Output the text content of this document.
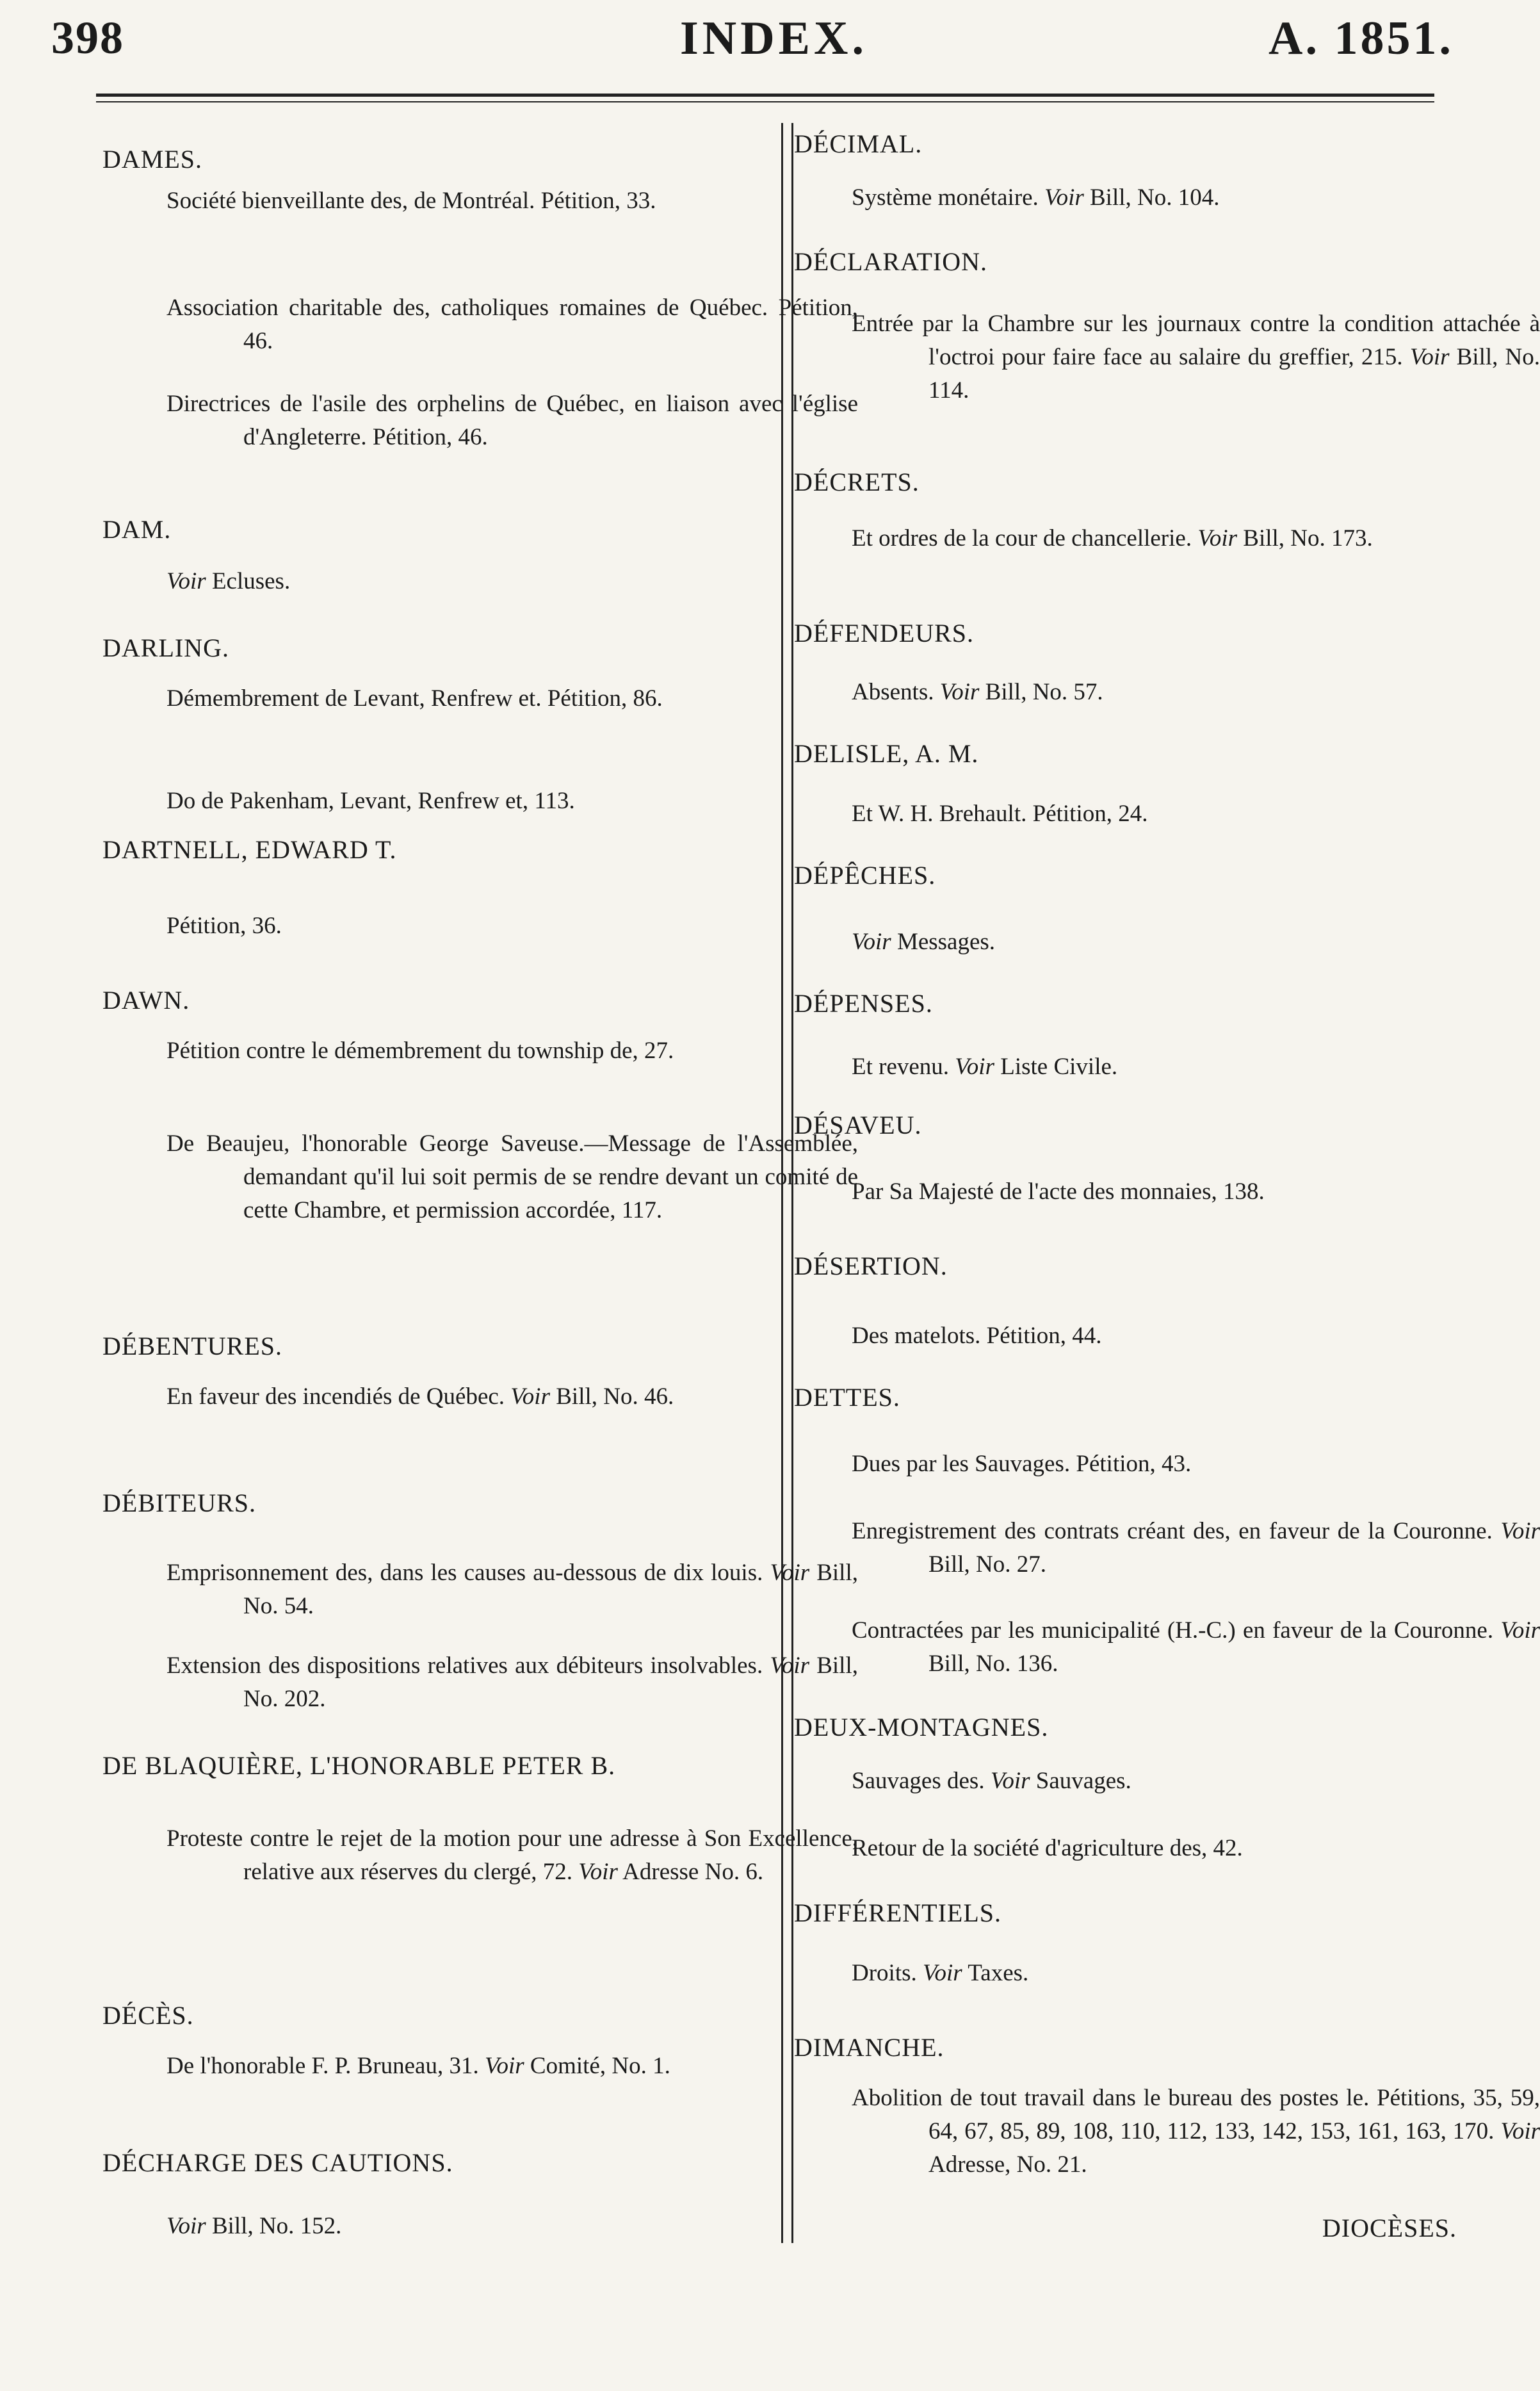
398	INDEX.	A. 1851.
DAMES.

Société bienveillante des, de Montréal. Pétition, 33.

Association charitable des, catholiques romaines de Québec. Pétition, 46.

Directrices de l'asile des orphelins de Québec, en liaison avec l'église d'Angleterre. Pétition, 46.

DAM.

Voir Ecluses.

DARLING.

Démembrement de Levant, Renfrew et. Pétition, 86.

Do de Pakenham, Levant, Renfrew et, 113.

DARTNELL, EDWARD T.

Pétition, 36.

DAWN.

Pétition contre le démembrement du township de, 27.

De Beaujeu, l'honorable George Saveuse.—Message de l'Assemblée, demandant qu'il lui soit permis de se rendre devant un comité de cette Chambre, et permission accordée, 117.

DÉBENTURES.

En faveur des incendiés de Québec. Voir Bill, No. 46.

DÉBITEURS.

Emprisonnement des, dans les causes au-dessous de dix louis. Voir Bill, No. 54.

Extension des dispositions relatives aux débiteurs insolvables. Voir Bill, No. 202.

DE BLAQUIÈRE, L'HONORABLE PETER B.

Proteste contre le rejet de la motion pour une adresse à Son Excellence, relative aux réserves du clergé, 72. Voir Adresse No. 6.

DÉCÈS.

De l'honorable F. P. Bruneau, 31. Voir Comité, No. 1.

DÉCHARGE DES CAUTIONS.

Voir Bill, No. 152.

DÉCIMAL.

Système monétaire. Voir Bill, No. 104.

DÉCLARATION.

Entrée par la Chambre sur les journaux contre la condition attachée à l'octroi pour faire face au salaire du greffier, 215. Voir Bill, No. 114.

DÉCRETS.

Et ordres de la cour de chancellerie. Voir Bill, No. 173.

DÉFENDEURS.

Absents. Voir Bill, No. 57.

DELISLE, A. M.

Et W. H. Brehault. Pétition, 24.

DÉPÊCHES.

Voir Messages.

DÉPENSES.

Et revenu. Voir Liste Civile.

DÉSAVEU.

Par Sa Majesté de l'acte des monnaies, 138.

DÉSERTION.

Des matelots. Pétition, 44.

DETTES.

Dues par les Sauvages. Pétition, 43.

Enregistrement des contrats créant des, en faveur de la Couronne. Voir Bill, No. 27.

Contractées par les municipalité (H.-C.) en faveur de la Couronne. Voir Bill, No. 136.

DEUX-MONTAGNES.

Sauvages des. Voir Sauvages.

Retour de la société d'agriculture des, 42.

DIFFÉRENTIELS.

Droits. Voir Taxes.

DIMANCHE.

Abolition de tout travail dans le bureau des postes le. Pétitions, 35, 59, 64, 67, 85, 89, 108, 110, 112, 133, 142, 153, 161, 163, 170. Voir Adresse, No. 21.

DIOCÈSES.
